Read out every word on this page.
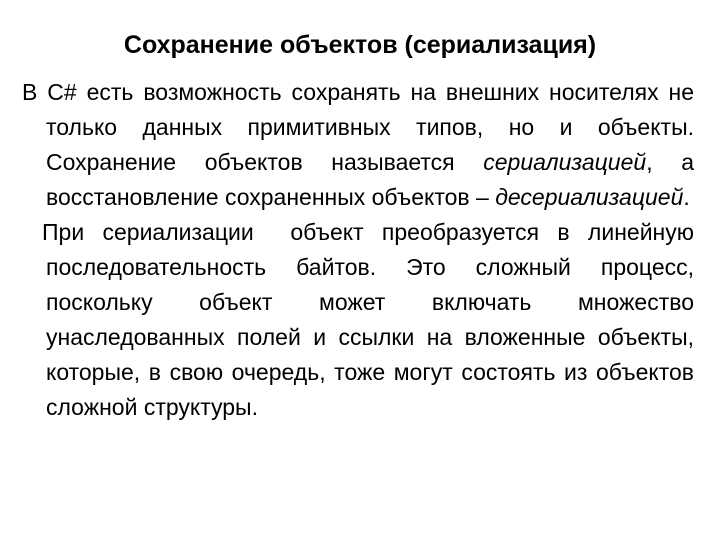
Сохранение объектов (сериализация)

В С# есть возможность сохранять на внешних носителях не только данных примитивных типов, но и объекты. Сохранение объектов называется сериализацией, а восстановление сохраненных объектов – десериализацией.

При сериализации  объект преобразуется в линейную последовательность байтов. Это сложный процесс, поскольку объект может включать множество унаследованных полей и ссылки на вложенные объекты, которые, в свою очередь, тоже могут состоять из объектов сложной структуры.
